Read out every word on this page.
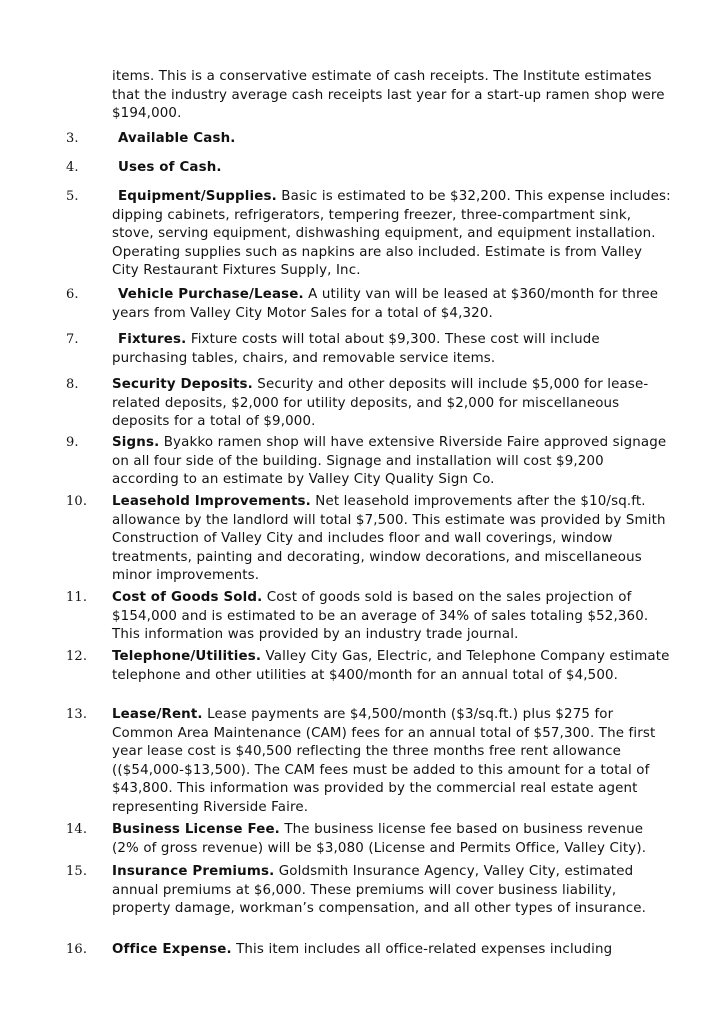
items. This is a conservative estimate of cash receipts. The Institute estimates that the industry average cash receipts last year for a start-up ramen shop were $194,000.
3.	Available Cash.
4.	Uses of Cash.
5.	Equipment/Supplies. Basic is estimated to be $32,200. This expense includes: dipping cabinets, refrigerators, tempering freezer, three-compartment sink, stove, serving equipment, dishwashing equipment, and equipment installation. Operating supplies such as napkins are also included. Estimate is from Valley City Restaurant Fixtures Supply, Inc.
6.	Vehicle Purchase/Lease. A utility van will be leased at $360/month for three years from Valley City Motor Sales for a total of $4,320.
7.	Fixtures. Fixture costs will total about $9,300. These cost will include purchasing tables, chairs, and removable service items.
8. Security Deposits. Security and other deposits will include $5,000 for lease-related deposits, $2,000 for utility deposits, and $2,000 for miscellaneous deposits for a total of $9,000.
9. Signs. Byakko ramen shop will have extensive Riverside Faire approved signage on all four side of the building. Signage and installation will cost $9,200 according to an estimate by Valley City Quality Sign Co.
10. Leasehold Improvements. Net leasehold improvements after the $10/sq.ft. allowance by the landlord will total $7,500. This estimate was provided by Smith Construction of Valley City and includes floor and wall coverings, window treatments, painting and decorating, window decorations, and miscellaneous minor improvements.
11. Cost of Goods Sold. Cost of goods sold is based on the sales projection of $154,000 and is estimated to be an average of 34% of sales totaling $52,360. This information was provided by an industry trade journal.
12. Telephone/Utilities. Valley City Gas, Electric, and Telephone Company estimate telephone and other utilities at $400/month for an annual total of $4,500.
13. Lease/Rent. Lease payments are $4,500/month ($3/sq.ft.) plus $275 for Common Area Maintenance (CAM) fees for an annual total of $57,300. The first year lease cost is $40,500 reflecting the three months free rent allowance (($54,000-$13,500). The CAM fees must be added to this amount for a total of $43,800. This information was provided by the commercial real estate agent representing Riverside Faire.
14. Business License Fee. The business license fee based on business revenue (2% of gross revenue) will be $3,080 (License and Permits Office, Valley City).
15. Insurance Premiums. Goldsmith Insurance Agency, Valley City, estimated annual premiums at $6,000. These premiums will cover business liability, property damage, workman’s compensation, and all other types of insurance.
16. Office Expense. This item includes all office-related expenses including
